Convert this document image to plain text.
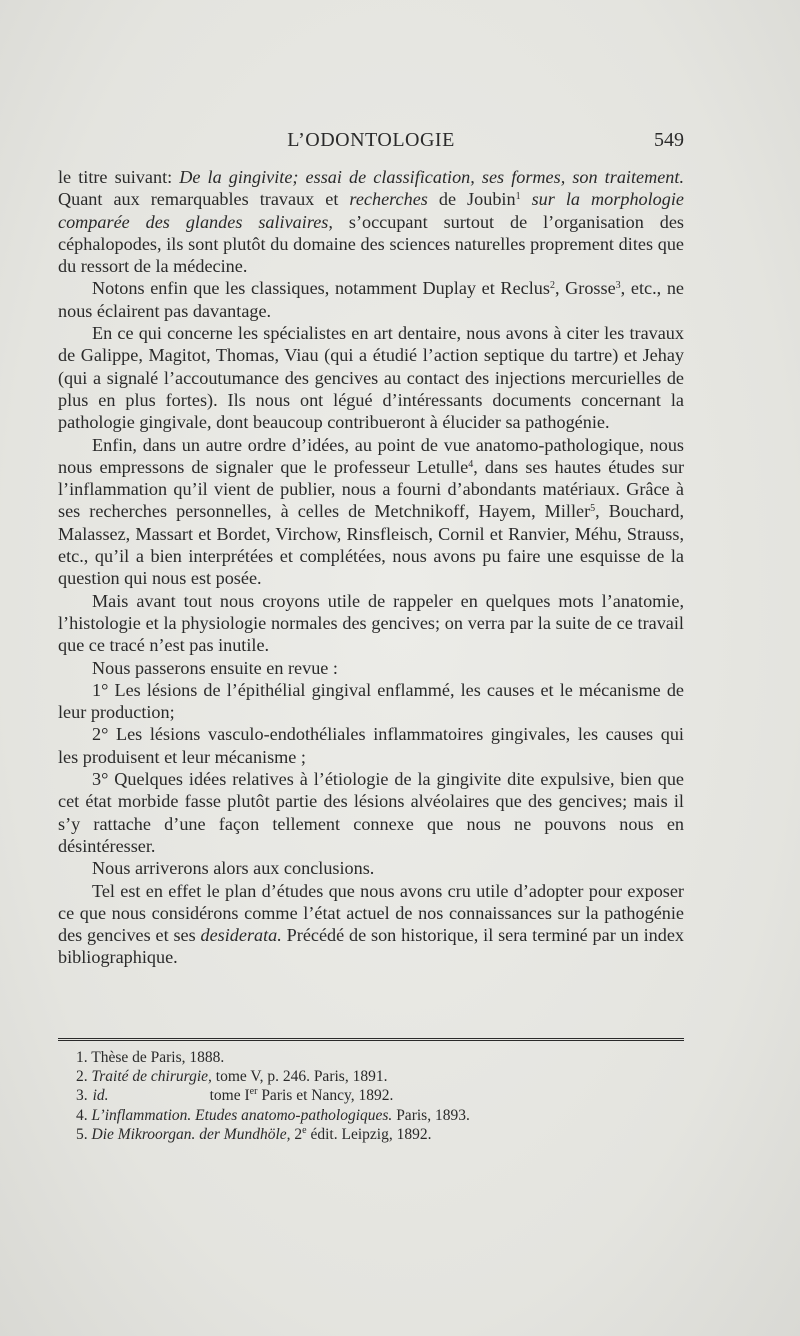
L’ODONTOLOGIE	549

le titre suivant: De la gingivite; essai de classification, ses formes, son traitement. Quant aux remarquables travaux et recherches de Joubin$^1$ sur la morphologie comparée des glandes salivaires, s’occupant surtout de l’organisation des céphalopodes, ils sont plutôt du domaine des sciences naturelles proprement dites que du ressort de la médecine.

Notons enfin que les classiques, notamment Duplay et Reclus$^2$, Grosse$^3$, etc., ne nous éclairent pas davantage.

En ce qui concerne les spécialistes en art dentaire, nous avons à citer les travaux de Galippe, Magitot, Thomas, Viau (qui a étudié l’action septique du tartre) et Jehay (qui a signalé l’accoutumance des gencives au contact des injections mercurielles de plus en plus fortes). Ils nous ont légué d’intéressants documents concernant la pathologie gingivale, dont beaucoup contribueront à élucider sa pathogénie.

Enfin, dans un autre ordre d’idées, au point de vue anatomo-pathologique, nous nous empressons de signaler que le professeur Letulle$^4$, dans ses hautes études sur l’inflammation qu’il vient de publier, nous a fourni d’abondants matériaux. Grâce à ses recherches personnelles, à celles de Metchnikoff, Hayem, Miller$^5$, Bouchard, Malassez, Massart et Bordet, Virchow, Rinsfleisch, Cornil et Ranvier, Méhu, Strauss, etc., qu’il a bien interprétées et complétées, nous avons pu faire une esquisse de la question qui nous est posée.

Mais avant tout nous croyons utile de rappeler en quelques mots l’anatomie, l’histologie et la physiologie normales des gencives; on verra par la suite de ce travail que ce tracé n’est pas inutile.

Nous passerons ensuite en revue :

1° Les lésions de l’épithélial gingival enflammé, les causes et le mécanisme de leur production;

2° Les lésions vasculo-endothéliales inflammatoires gingivales, les causes qui les produisent et leur mécanisme ;

3° Quelques idées relatives à l’étiologie de la gingivite dite expulsive, bien que cet état morbide fasse plutôt partie des lésions alvéolaires que des gencives; mais il s’y rattache d’une façon tellement connexe que nous ne pouvons nous en désintéresser.

Nous arriverons alors aux conclusions.

Tel est en effet le plan d’études que nous avons cru utile d’adopter pour exposer ce que nous considérons comme l’état actuel de nos connaissances sur la pathogénie des gencives et ses desiderata. Précédé de son historique, il sera terminé par un index bibliographique.

1. Thèse de Paris, 1888.
2. Traité de chirurgie, tome V, p. 246. Paris, 1891.
3.id.	tome Ier Paris et Nancy, 1892.
4. L’inflammation. Etudes anatomo-pathologiques. Paris, 1893.
5. Die Mikroorgan. der Mundhöle, 2e édit. Leipzig, 1892.
